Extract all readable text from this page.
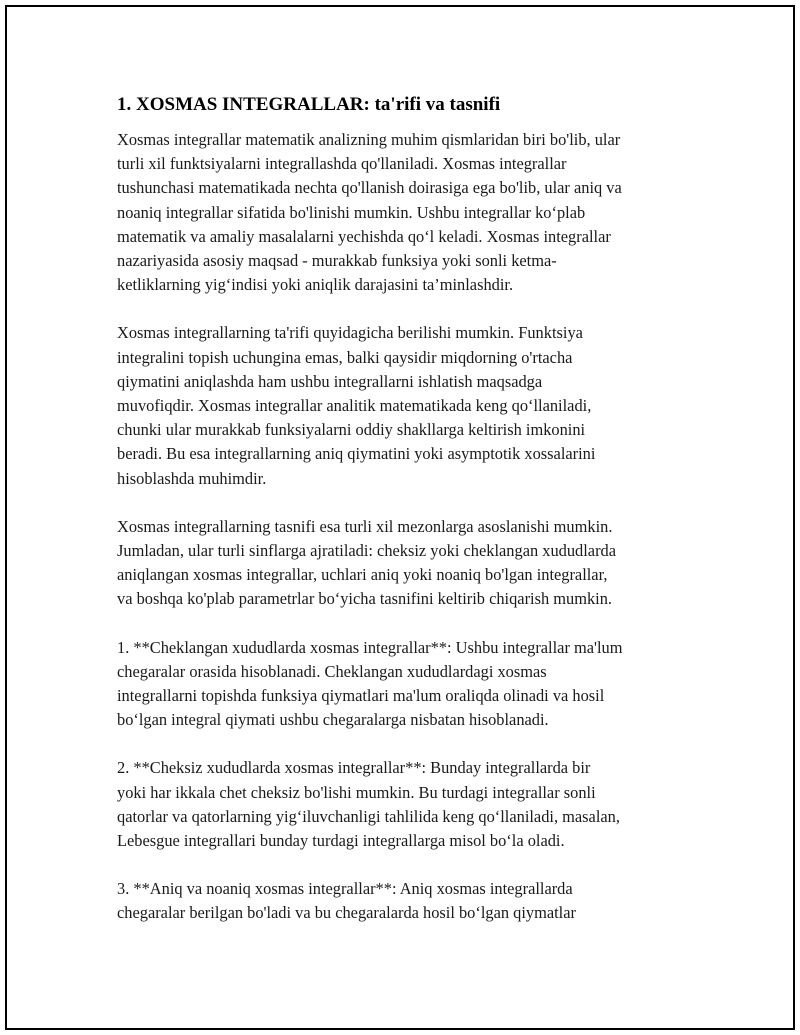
1. XOSMAS INTEGRALLAR: ta'rifi va tasnifi
Xosmas integrallar matematik analizning muhim qismlaridan biri bo'lib, ular
turli xil funktsiyalarni integrallashda qo'llaniladi. Xosmas integrallar
tushunchasi matematikada nechta qo'llanish doirasiga ega bo'lib, ular aniq va
noaniq integrallar sifatida bo'linishi mumkin. Ushbu integrallar ko‘plab
matematik va amaliy masalalarni yechishda qo‘l keladi. Xosmas integrallar
nazariyasida asosiy maqsad - murakkab funksiya yoki sonli ketma-
ketliklarning yig‘indisi yoki aniqlik darajasini ta’minlashdir.
Xosmas integrallarning ta'rifi quyidagicha berilishi mumkin. Funktsiya
integralini topish uchungina emas, balki qaysidir miqdorning o'rtacha
qiymatini aniqlashda ham ushbu integrallarni ishlatish maqsadga
muvofiqdir. Xosmas integrallar analitik matematikada keng qo‘llaniladi,
chunki ular murakkab funksiyalarni oddiy shakllarga keltirish imkonini
beradi. Bu esa integrallarning aniq qiymatini yoki asymptotik xossalarini
hisoblashda muhimdir.
Xosmas integrallarning tasnifi esa turli xil mezonlarga asoslanishi mumkin.
Jumladan, ular turli sinflarga ajratiladi: cheksiz yoki cheklangan xududlarda
aniqlangan xosmas integrallar, uchlari aniq yoki noaniq bo'lgan integrallar,
va boshqa ko'plab parametrlar bo‘yicha tasnifini keltirib chiqarish mumkin.
1. **Cheklangan xududlarda xosmas integrallar**: Ushbu integrallar ma'lum
chegaralar orasida hisoblanadi. Cheklangan xududlardagi xosmas
integrallarni topishda funksiya qiymatlari ma'lum oraliqda olinadi va hosil
bo‘lgan integral qiymati ushbu chegaralarga nisbatan hisoblanadi.
2. **Cheksiz xududlarda xosmas integrallar**: Bunday integrallarda bir
yoki har ikkala chet cheksiz bo'lishi mumkin. Bu turdagi integrallar sonli
qatorlar va qatorlarning yig‘iluvchanligi tahlilida keng qo‘llaniladi, masalan,
Lebesgue integrallari bunday turdagi integrallarga misol bo‘la oladi.
3. **Aniq va noaniq xosmas integrallar**: Aniq xosmas integrallarda
chegaralar berilgan bo'ladi va bu chegaralarda hosil bo‘lgan qiymatlar
